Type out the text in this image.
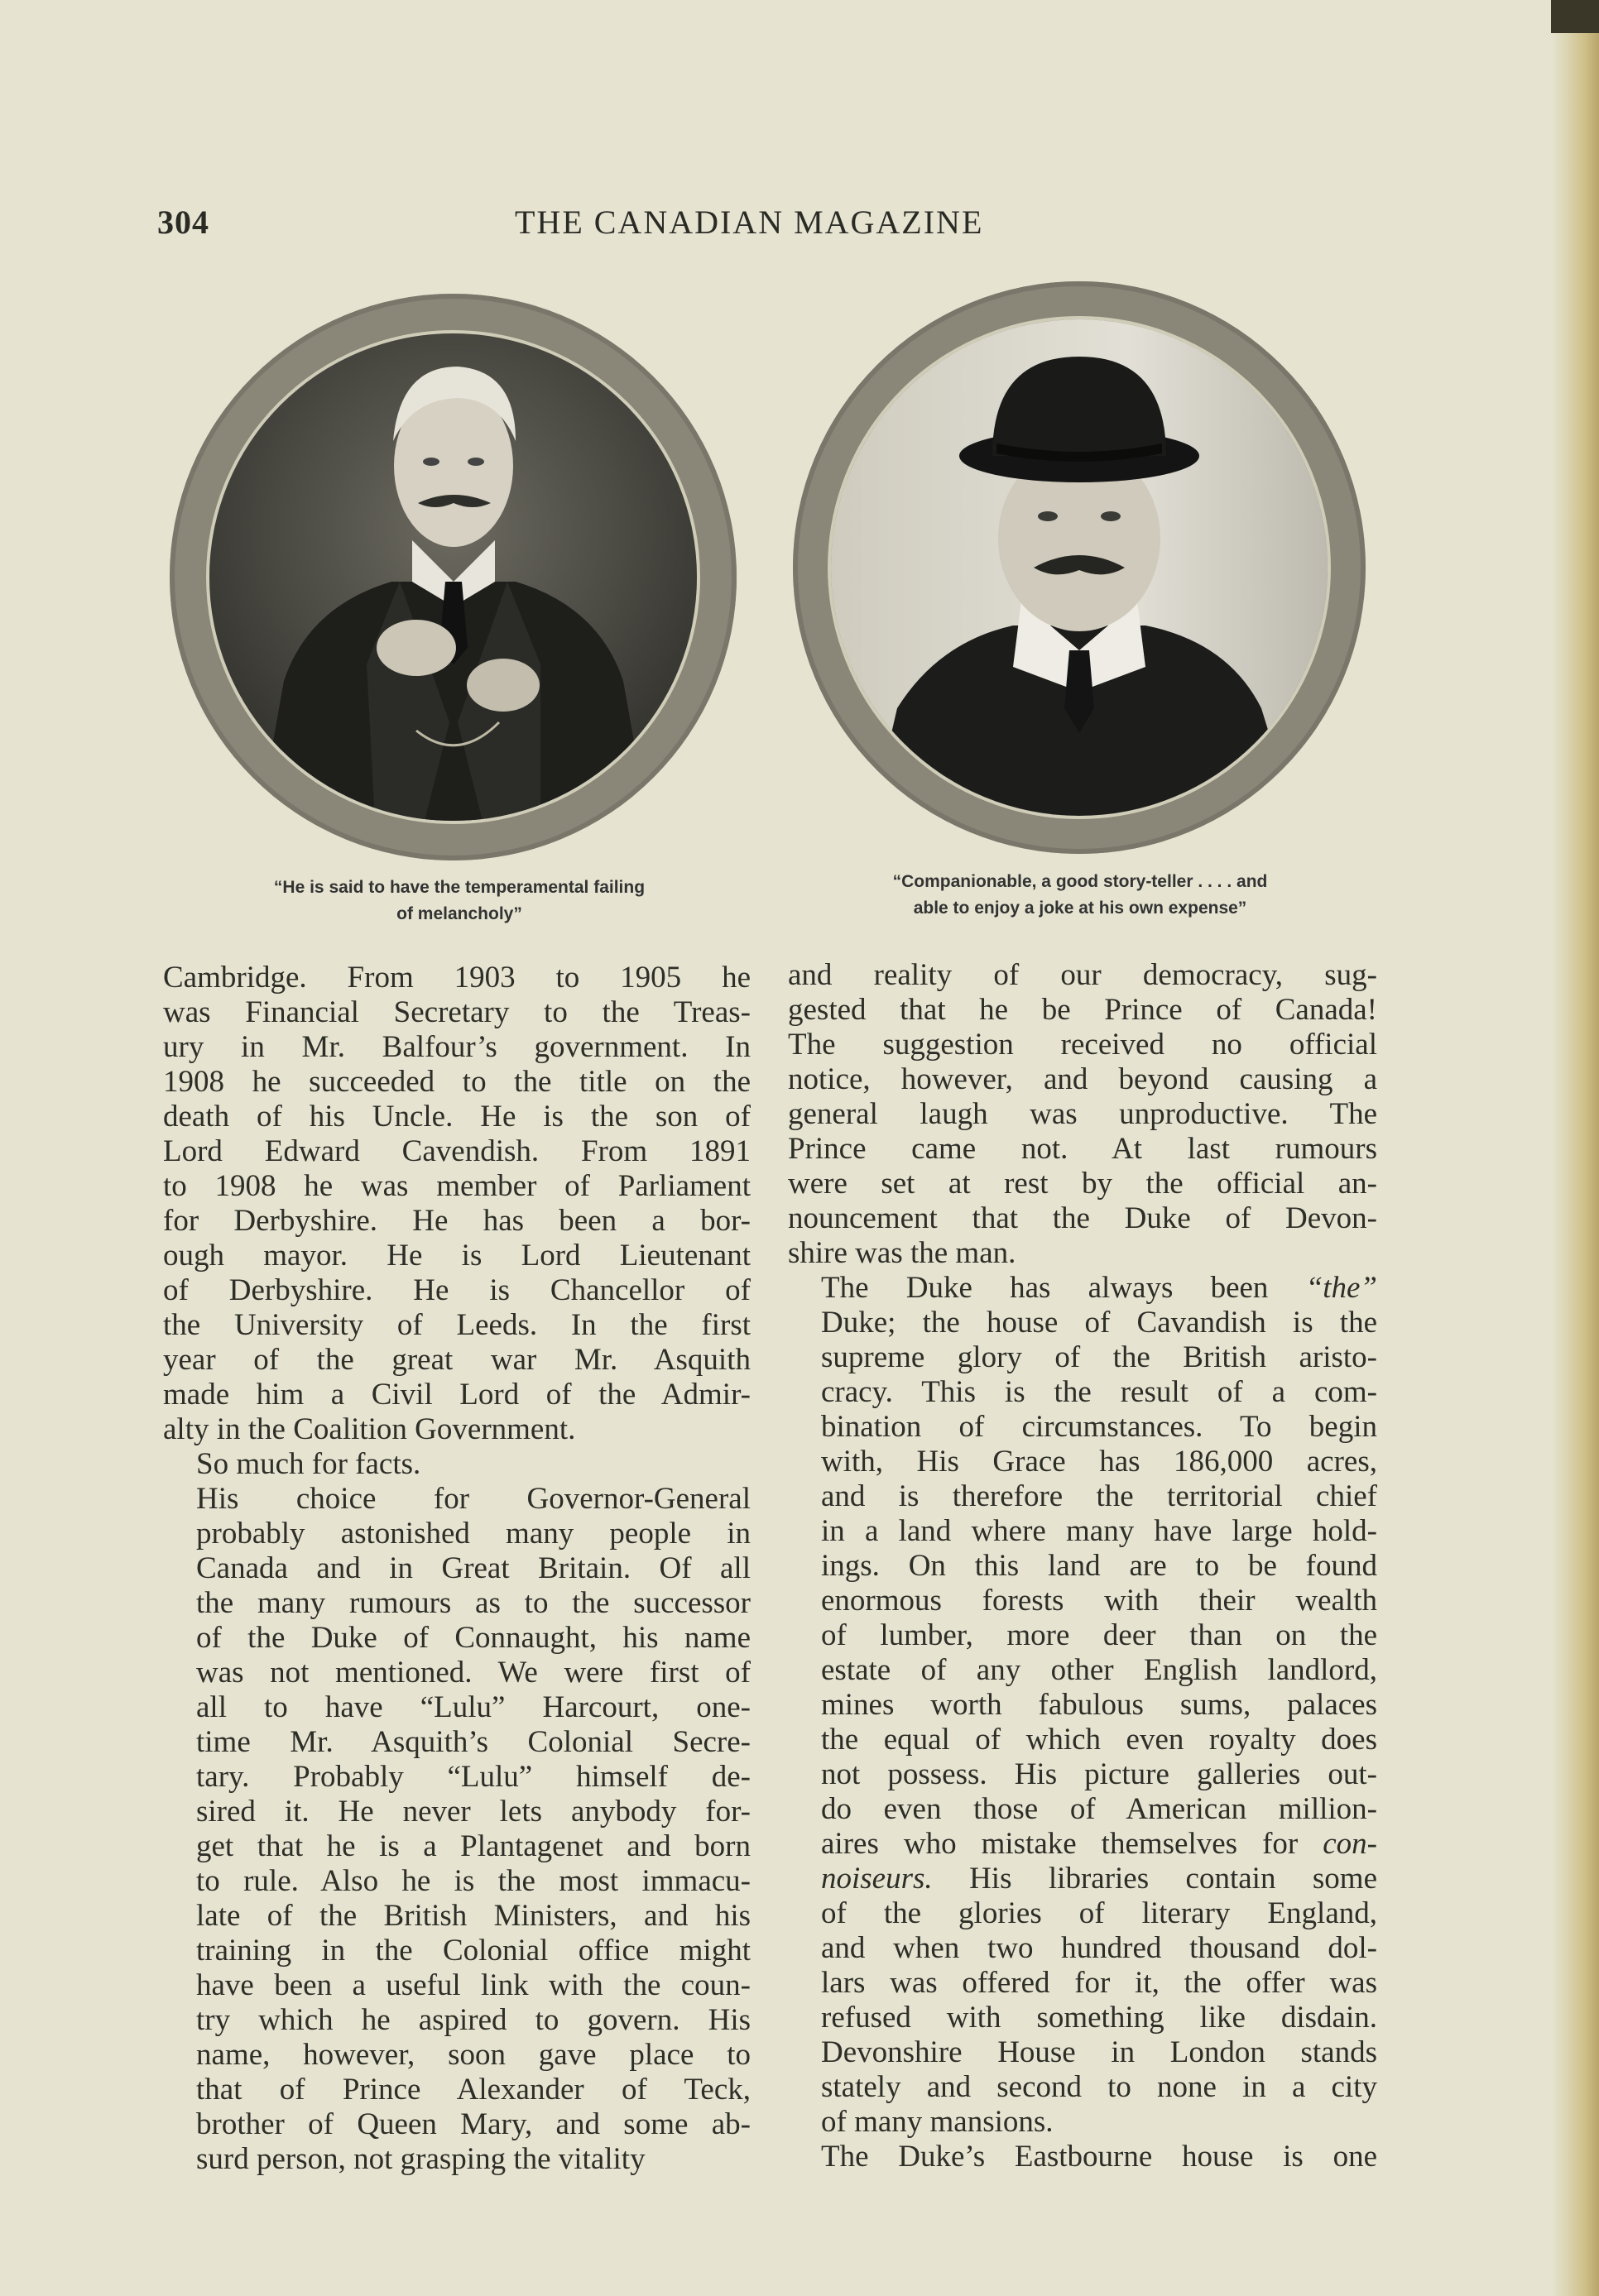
304	THE CANADIAN MAGAZINE
“He is said to have the temperamental failing
of melancholy”
“Companionable, a good story-teller . . . . and
able to enjoy a joke at his own expense”

Cambridge. From 1903 to 1905 he
was Financial Secretary to the Treas-
ury in Mr. Balfour’s government. In
1908 he succeeded to the title on the
death of his Uncle. He is the son of
Lord Edward Cavendish. From 1891
to 1908 he was member of Parliament
for Derbyshire. He has been a bor-
ough mayor. He is Lord Lieutenant
of Derbyshire. He is Chancellor of
the University of Leeds. In the first
year of the great war Mr. Asquith
made him a Civil Lord of the Admir-
alty in the Coalition Government.

So much for facts.

His choice for Governor-General
probably astonished many people in
Canada and in Great Britain. Of all
the many rumours as to the successor
of the Duke of Connaught, his name
was not mentioned. We were first of
all to have “Lulu” Harcourt, one-
time Mr. Asquith’s Colonial Secre-
tary. Probably “Lulu” himself de-
sired it. He never lets anybody for-
get that he is a Plantagenet and born
to rule. Also he is the most immacu-
late of the British Ministers, and his
training in the Colonial office might
have been a useful link with the coun-
try which he aspired to govern. His
name, however, soon gave place to
that of Prince Alexander of Teck,
brother of Queen Mary, and some ab-
surd person, not grasping the vitality

and reality of our democracy, sug-
gested that he be Prince of Canada!
The suggestion received no official
notice, however, and beyond causing a
general laugh was unproductive. The
Prince came not. At last rumours
were set at rest by the official an-
nouncement that the Duke of Devon-
shire was the man.

The Duke has always been “the”
Duke; the house of Cavandish is the
supreme glory of the British aristo-
cracy. This is the result of a com-
bination of circumstances. To begin
with, His Grace has 186,000 acres,
and is therefore the territorial chief
in a land where many have large hold-
ings. On this land are to be found
enormous forests with their wealth
of lumber, more deer than on the
estate of any other English landlord,
mines worth fabulous sums, palaces
the equal of which even royalty does
not possess. His picture galleries out-
do even those of American million-
aires who mistake themselves for con-
noiseurs. His libraries contain some
of the glories of literary England,
and when two hundred thousand dol-
lars was offered for it, the offer was
refused with something like disdain.
Devonshire House in London stands
stately and second to none in a city
of many mansions.

The Duke’s Eastbourne house is one
